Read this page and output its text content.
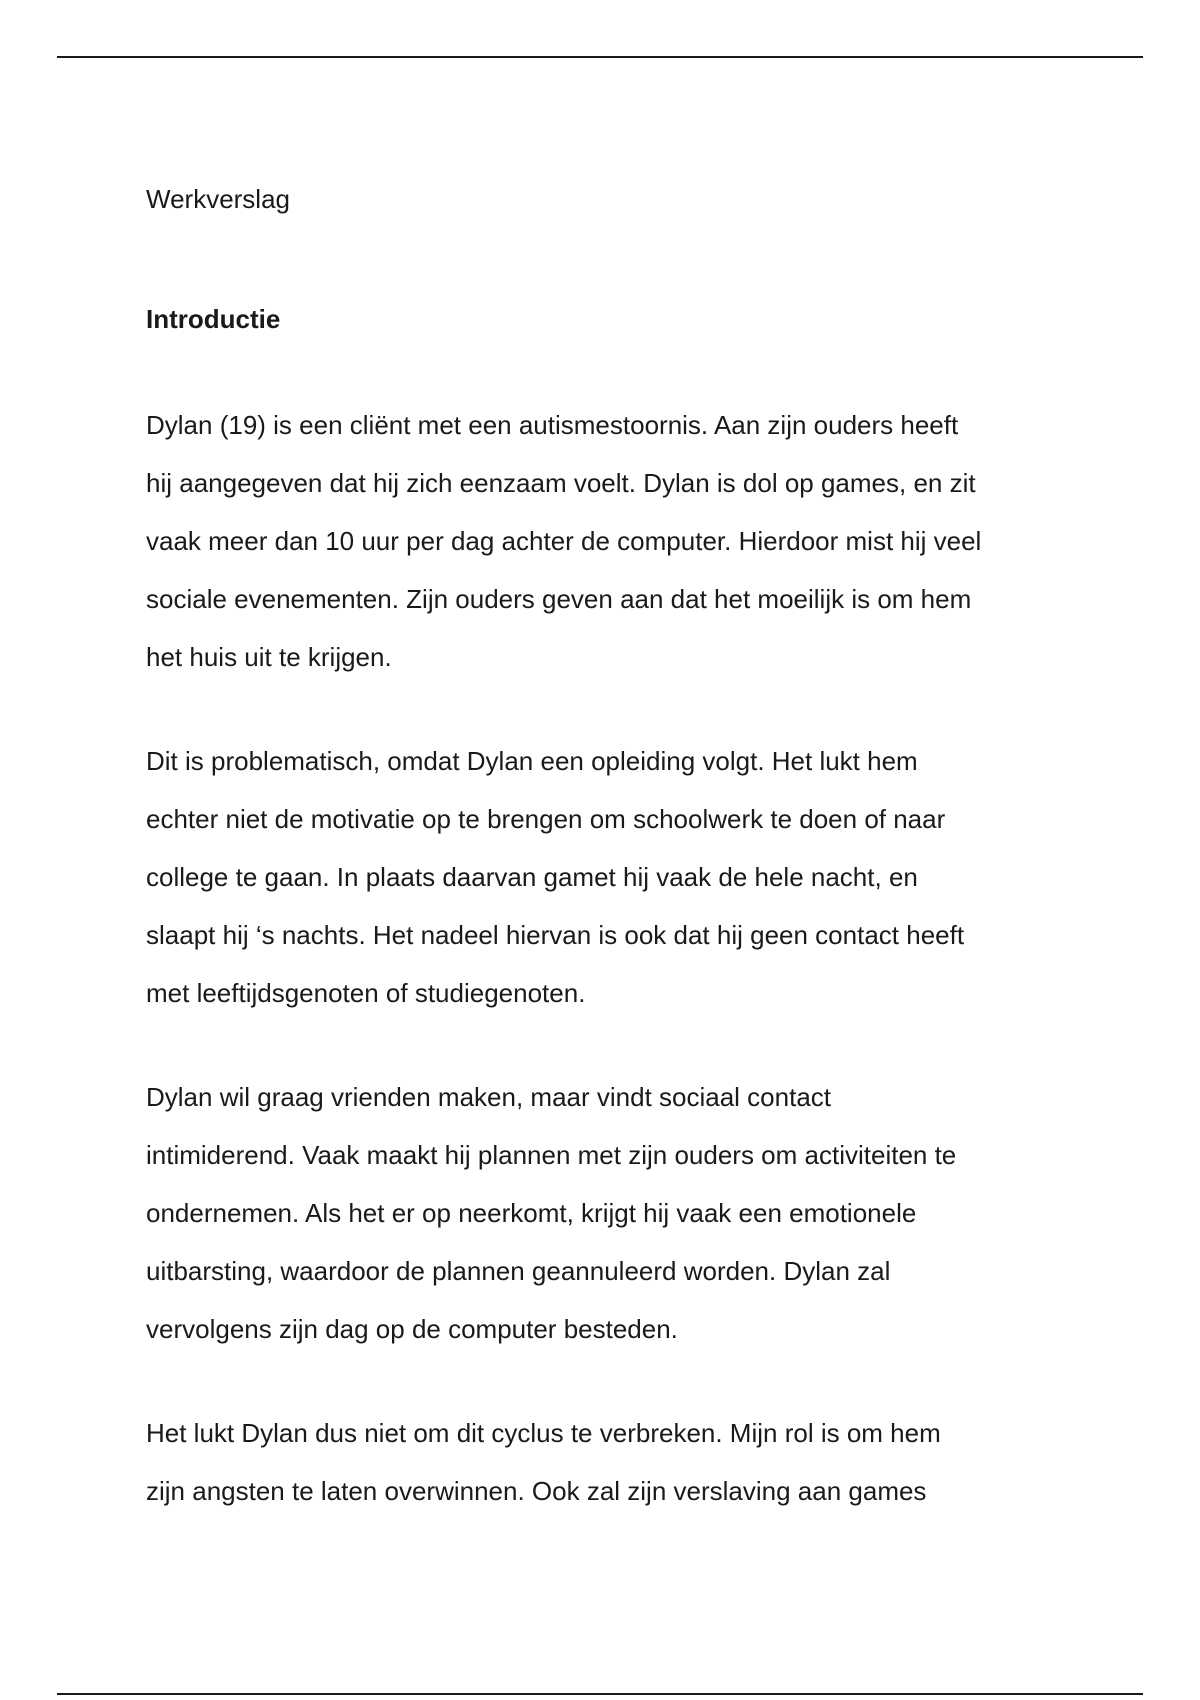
Werkverslag
Introductie

Dylan (19) is een cliënt met een autismestoornis. Aan zijn ouders heeft
hij aangegeven dat hij zich eenzaam voelt. Dylan is dol op games, en zit
vaak meer dan 10 uur per dag achter de computer. Hierdoor mist hij veel
sociale evenementen. Zijn ouders geven aan dat het moeilijk is om hem
het huis uit te krijgen.

Dit is problematisch, omdat Dylan een opleiding volgt. Het lukt hem
echter niet de motivatie op te brengen om schoolwerk te doen of naar
college te gaan. In plaats daarvan gamet hij vaak de hele nacht, en
slaapt hij ‘s nachts. Het nadeel hiervan is ook dat hij geen contact heeft
met leeftijdsgenoten of studiegenoten.

Dylan wil graag vrienden maken, maar vindt sociaal contact
intimiderend. Vaak maakt hij plannen met zijn ouders om activiteiten te
ondernemen. Als het er op neerkomt, krijgt hij vaak een emotionele
uitbarsting, waardoor de plannen geannuleerd worden. Dylan zal
vervolgens zijn dag op de computer besteden.

Het lukt Dylan dus niet om dit cyclus te verbreken. Mijn rol is om hem
zijn angsten te laten overwinnen. Ook zal zijn verslaving aan games
